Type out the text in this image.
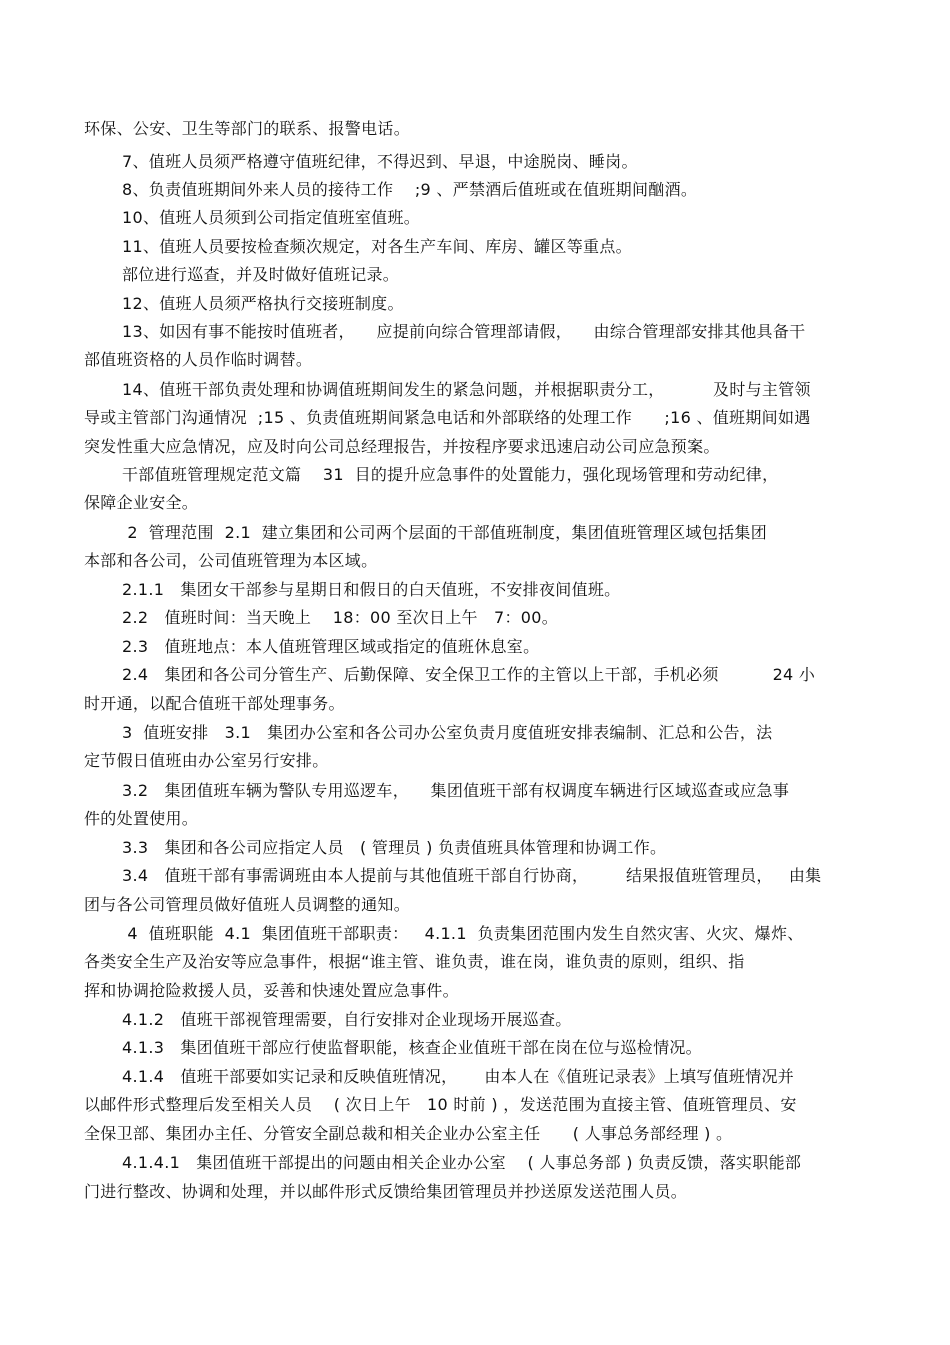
环保、公安、卫生等部门的联系、报警电话。
7、值班人员须严格遵守值班纪律，不得迟到、早退，中途脱岗、睡岗。
8、负责值班期间外来人员的接待工作    ;9 、严禁酒后值班或在值班期间酗酒。
10、值班人员须到公司指定值班室值班。
11、值班人员要按检查频次规定，对各生产车间、库房、罐区等重点。
部位进行巡查，并及时做好值班记录。
12、值班人员须严格执行交接班制度。
13、如因有事不能按时值班者，    应提前向综合管理部请假，    由综合管理部安排其他具备干
部值班资格的人员作临时调替。
14、值班干部负责处理和协调值班期间发生的紧急问题，并根据职责分工，         及时与主管领
导或主管部门沟通情况  ;15 、负责值班期间紧急电话和外部联络的处理工作      ;16 、值班期间如遇
突发性重大应急情况，应及时向公司总经理报告，并按程序要求迅速启动公司应急预案。
干部值班管理规定范文篇    31  目的提升应急事件的处置能力，强化现场管理和劳动纪律，
保障企业安全。
2  管理范围  2.1  建立集团和公司两个层面的干部值班制度，集团值班管理区域包括集团
本部和各公司，公司值班管理为本区域。
2.1.1   集团女干部参与星期日和假日的白天值班，不安排夜间值班。
2.2   值班时间：当天晚上    18：00 至次日上午   7：00。
2.3   值班地点：本人值班管理区域或指定的值班休息室。
2.4   集团和各公司分管生产、后勤保障、安全保卫工作的主管以上干部，手机必须          24 小
时开通，以配合值班干部处理事务。
3  值班安排   3.1   集团办公室和各公司办公室负责月度值班安排表编制、汇总和公告，法
定节假日值班由办公室另行安排。
3.2   集团值班车辆为警队专用巡逻车，    集团值班干部有权调度车辆进行区域巡查或应急事
件的处置使用。
3.3   集团和各公司应指定人员   ( 管理员 ) 负责值班具体管理和协调工作。
3.4   值班干部有事需调班由本人提前与其他值班干部自行协商，       结果报值班管理员，   由集
团与各公司管理员做好值班人员调整的通知。
4  值班职能  4.1  集团值班干部职责：   4.1.1  负责集团范围内发生自然灾害、火灾、爆炸、
各类安全生产及治安等应急事件，根据“谁主管、谁负责，谁在岗，谁负责的原则，组织、指
挥和协调抢险救援人员，妥善和快速处置应急事件。
4.1.2   值班干部视管理需要，自行安排对企业现场开展巡查。
4.1.3   集团值班干部应行使监督职能，核查企业值班干部在岗在位与巡检情况。
4.1.4   值班干部要如实记录和反映值班情况，     由本人在《值班记录表》上填写值班情况并
以邮件形式整理后发至相关人员    ( 次日上午   10 时前 ) ，发送范围为直接主管、值班管理员、安
全保卫部、集团办主任、分管安全副总裁和相关企业办公室主任      ( 人事总务部经理 ) 。
4.1.4.1   集团值班干部提出的问题由相关企业办公室    ( 人事总务部 ) 负责反馈，落实职能部
门进行整改、协调和处理，并以邮件形式反馈给集团管理员并抄送原发送范围人员。
